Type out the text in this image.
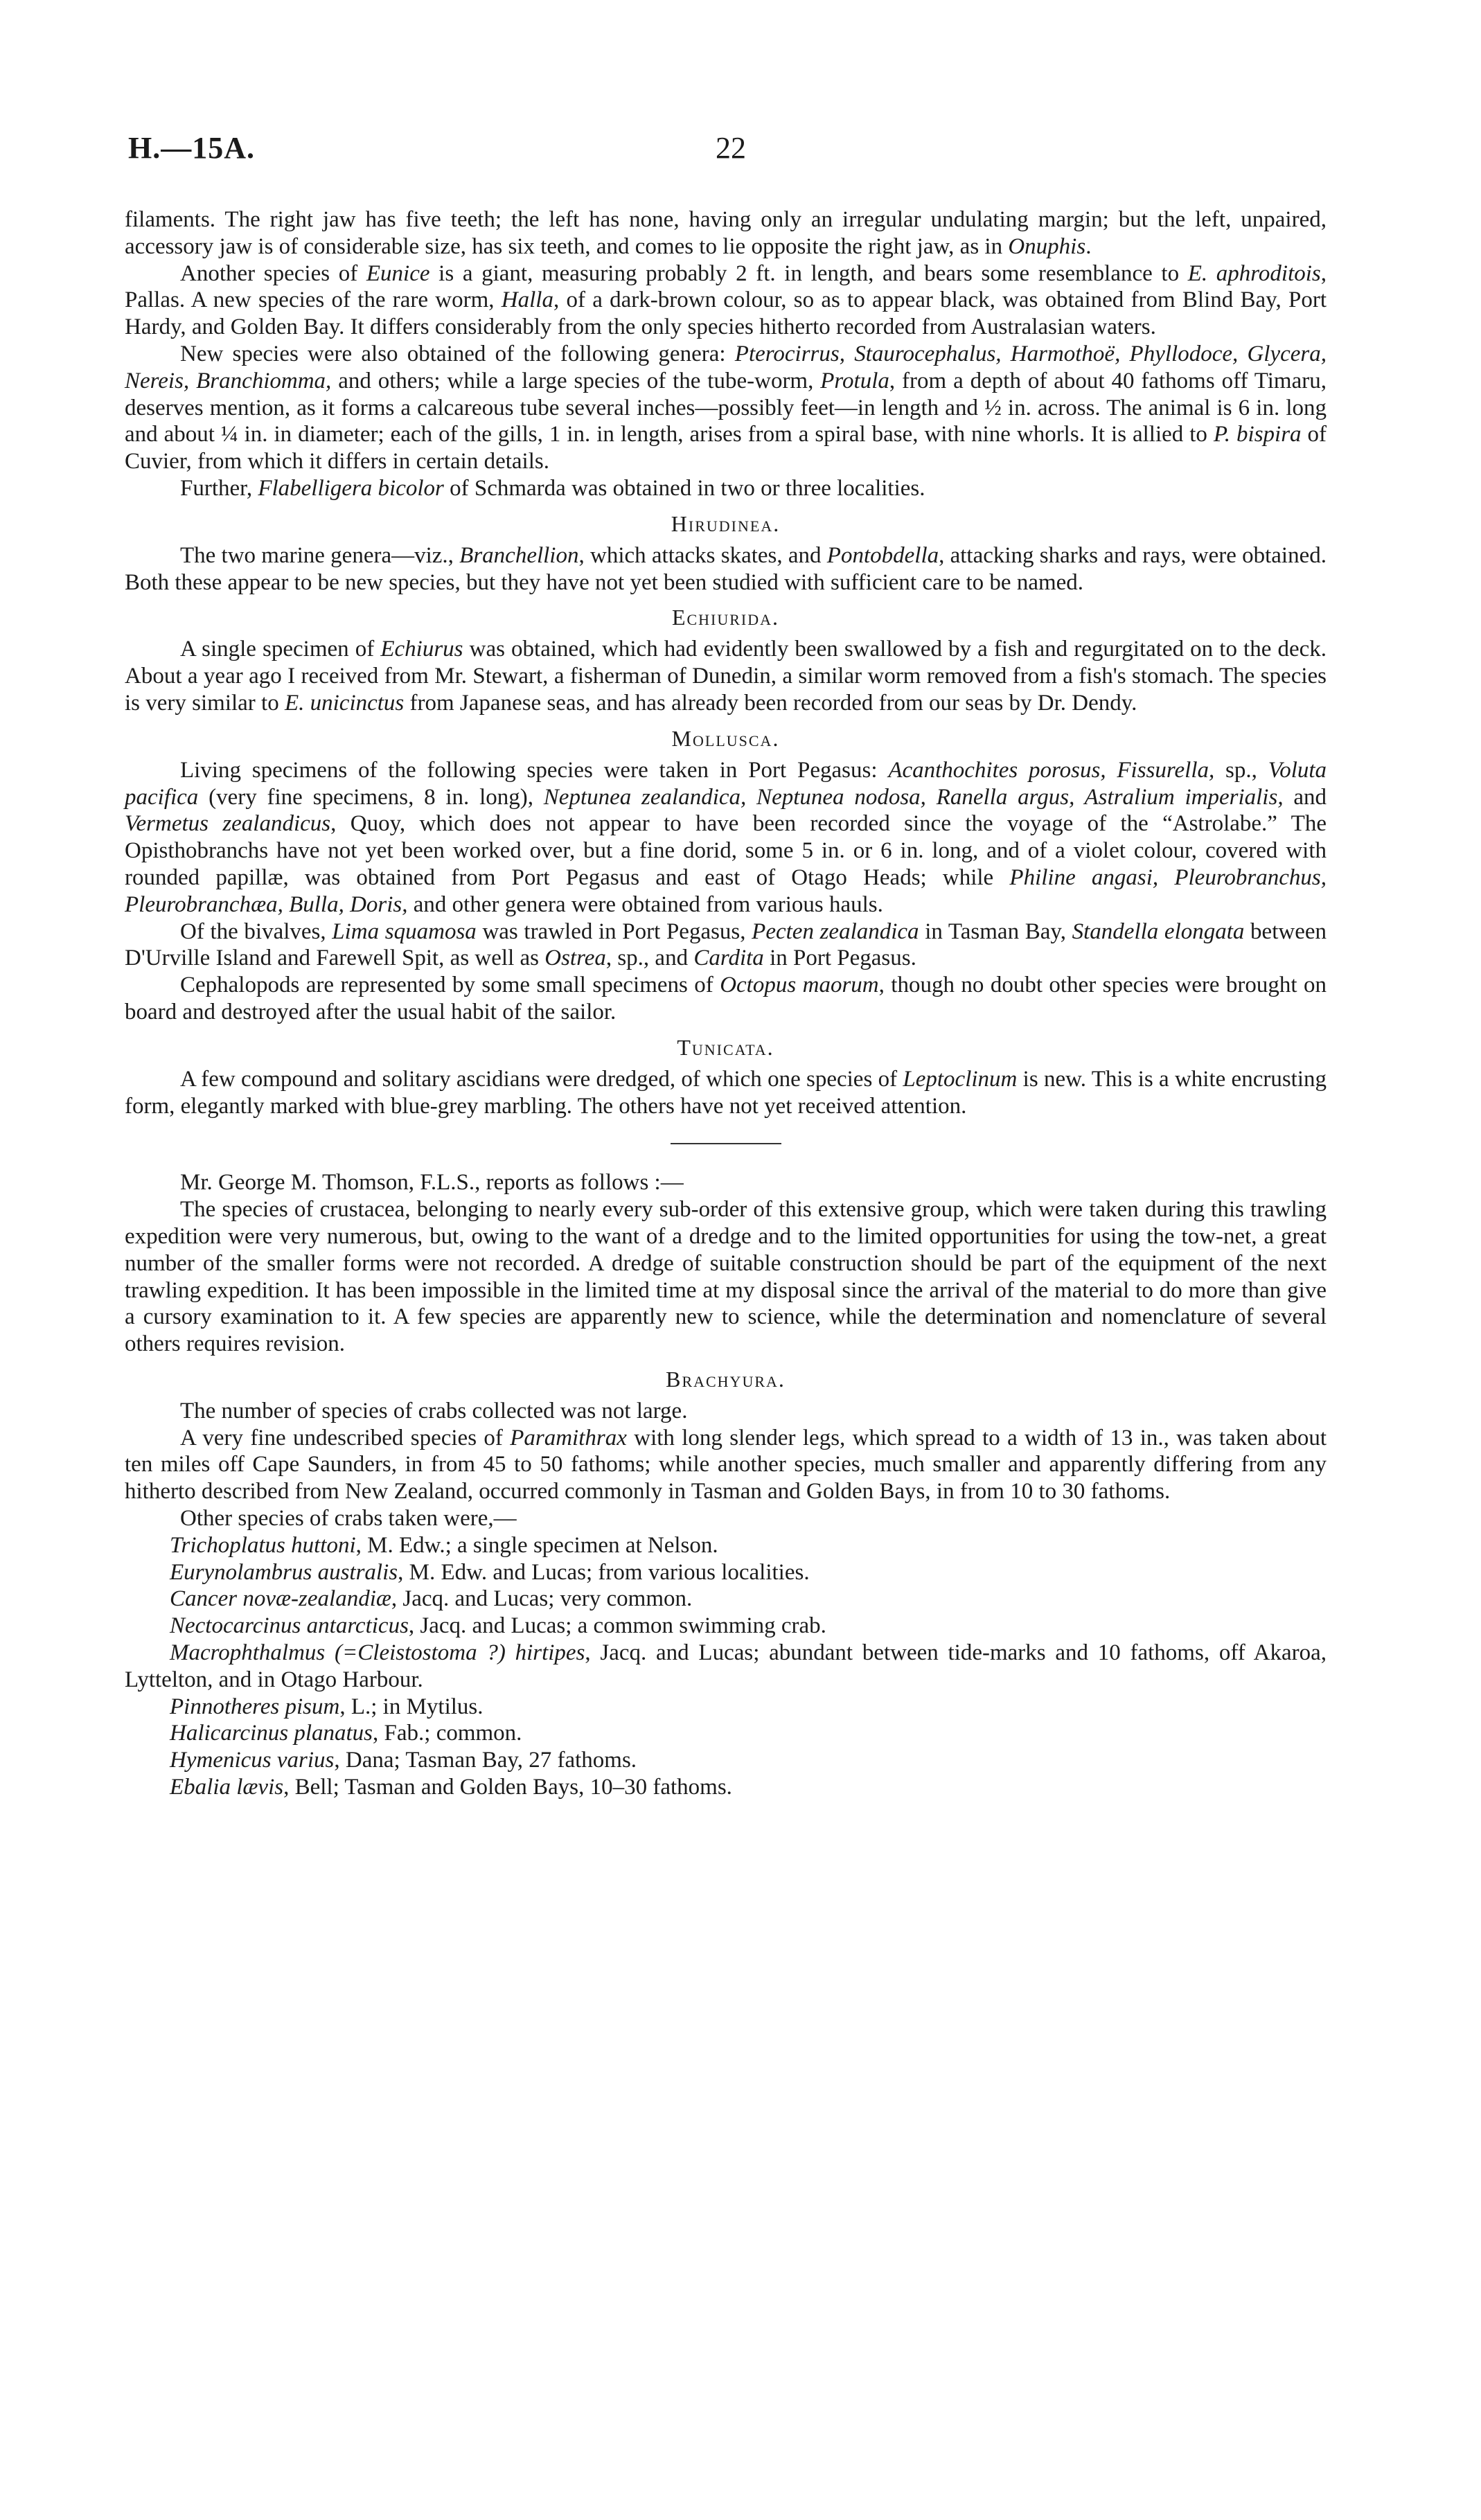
H.—15A.	22

filaments. The right jaw has five teeth; the left has none, having only an irregular undulating margin; but the left, unpaired, accessory jaw is of considerable size, has six teeth, and comes to lie opposite the right jaw, as in Onuphis.

Another species of Eunice is a giant, measuring probably 2 ft. in length, and bears some resemblance to E. aphroditois, Pallas. A new species of the rare worm, Halla, of a dark-brown colour, so as to appear black, was obtained from Blind Bay, Port Hardy, and Golden Bay. It differs considerably from the only species hitherto recorded from Australasian waters.

New species were also obtained of the following genera: Pterocirrus, Staurocephalus, Harmothoë, Phyllodoce, Glycera, Nereis, Branchiomma, and others; while a large species of the tube-worm, Protula, from a depth of about 40 fathoms off Timaru, deserves mention, as it forms a calcareous tube several inches—possibly feet—in length and ½ in. across. The animal is 6 in. long and about ¼ in. in diameter; each of the gills, 1 in. in length, arises from a spiral base, with nine whorls. It is allied to P. bispira of Cuvier, from which it differs in certain details.

Further, Flabelligera bicolor of Schmarda was obtained in two or three localities.

Hirudinea.

The two marine genera—viz., Branchellion, which attacks skates, and Pontobdella, attacking sharks and rays, were obtained. Both these appear to be new species, but they have not yet been studied with sufficient care to be named.

Echiurida.

A single specimen of Echiurus was obtained, which had evidently been swallowed by a fish and regurgitated on to the deck. About a year ago I received from Mr. Stewart, a fisherman of Dunedin, a similar worm removed from a fish's stomach. The species is very similar to E. unicinctus from Japanese seas, and has already been recorded from our seas by Dr. Dendy.

Mollusca.

Living specimens of the following species were taken in Port Pegasus: Acanthochites porosus, Fissurella, sp., Voluta pacifica (very fine specimens, 8 in. long), Neptunea zealandica, Neptunea nodosa, Ranella argus, Astralium imperialis, and Vermetus zealandicus, Quoy, which does not appear to have been recorded since the voyage of the “Astrolabe.” The Opisthobranchs have not yet been worked over, but a fine dorid, some 5 in. or 6 in. long, and of a violet colour, covered with rounded papillæ, was obtained from Port Pegasus and east of Otago Heads; while Philine angasi, Pleurobranchus, Pleurobranchæa, Bulla, Doris, and other genera were obtained from various hauls.

Of the bivalves, Lima squamosa was trawled in Port Pegasus, Pecten zealandica in Tasman Bay, Standella elongata between D'Urville Island and Farewell Spit, as well as Ostrea, sp., and Cardita in Port Pegasus.

Cephalopods are represented by some small specimens of Octopus maorum, though no doubt other species were brought on board and destroyed after the usual habit of the sailor.

Tunicata.

A few compound and solitary ascidians were dredged, of which one species of Leptoclinum is new. This is a white encrusting form, elegantly marked with blue-grey marbling. The others have not yet received attention.

Mr. George M. Thomson, F.L.S., reports as follows :—

The species of crustacea, belonging to nearly every sub-order of this extensive group, which were taken during this trawling expedition were very numerous, but, owing to the want of a dredge and to the limited opportunities for using the tow-net, a great number of the smaller forms were not recorded. A dredge of suitable construction should be part of the equipment of the next trawling expedition. It has been impossible in the limited time at my disposal since the arrival of the material to do more than give a cursory examination to it. A few species are apparently new to science, while the determination and nomenclature of several others requires revision.

Brachyura.

The number of species of crabs collected was not large.

A very fine undescribed species of Paramithrax with long slender legs, which spread to a width of 13 in., was taken about ten miles off Cape Saunders, in from 45 to 50 fathoms; while another species, much smaller and apparently differing from any hitherto described from New Zealand, occurred commonly in Tasman and Golden Bays, in from 10 to 30 fathoms.

Other species of crabs taken were,—

Trichoplatus huttoni, M. Edw.; a single specimen at Nelson.
Eurynolambrus australis, M. Edw. and Lucas; from various localities.
Cancer novæ-zealandiæ, Jacq. and Lucas; very common.
Nectocarcinus antarcticus, Jacq. and Lucas; a common swimming crab.
Macrophthalmus (=Cleistostoma ?) hirtipes, Jacq. and Lucas; abundant between tide-marks and 10 fathoms, off Akaroa, Lyttelton, and in Otago Harbour.
Pinnotheres pisum, L.; in Mytilus.
Halicarcinus planatus, Fab.; common.
Hymenicus varius, Dana; Tasman Bay, 27 fathoms.
Ebalia lævis, Bell; Tasman and Golden Bays, 10–30 fathoms.
